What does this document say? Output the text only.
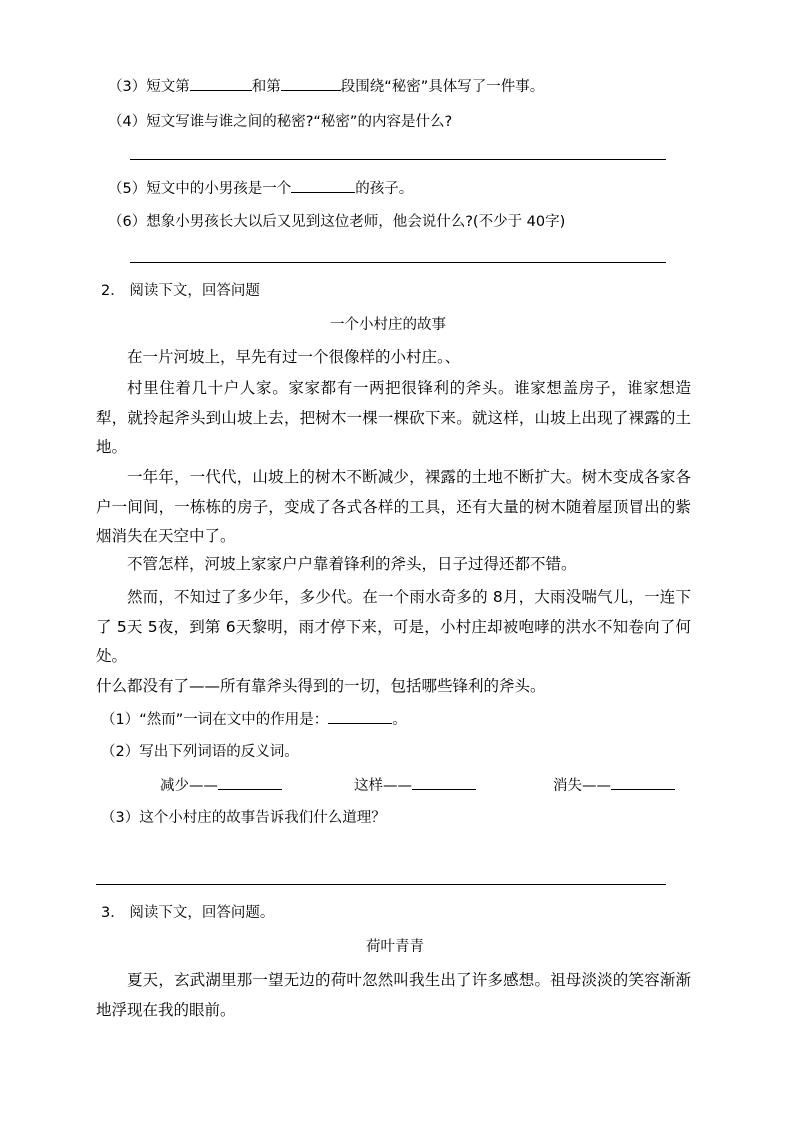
（3）短文第	和第	段围绕“秘密”具体写了一件事。
（4）短文写谁与谁之间的秘密?“秘密”的内容是什么?
（5）短文中的小男孩是一个	的孩子。
（6）想象小男孩长大以后又见到这位老师，他会说什么?(不少于 40字)
2． 阅读下文，回答问题
一个小村庄的故事
在一片河坡上，早先有过一个很像样的小村庄。、
村里住着几十户人家。家家都有一两把很锋利的斧头。谁家想盖房子，谁家想造犁，就拎起斧头到山坡上去，把树木一棵一棵砍下来。就这样，山坡上出现了裸露的土地。
一年年，一代代，山坡上的树木不断减少，裸露的土地不断扩大。树木变成各家各户一间间，一栋栋的房子，变成了各式各样的工具，还有大量的树木随着屋顶冒出的紫烟消失在天空中了。
不管怎样，河坡上家家户户靠着锋利的斧头，日子过得还都不错。
然而，不知过了多少年，多少代。在一个雨水奇多的 8月，大雨没喘气儿，一连下了 5天 5夜，到第 6天黎明，雨才停下来，可是，小村庄却被咆哮的洪水不知卷向了何处。
什么都没有了——所有靠斧头得到的一切，包括哪些锋利的斧头。
（1）“然而”一词在文中的作用是：	。
（2）写出下列词语的反义词。
减少——	这样——	消失——
（3）这个小村庄的故事告诉我们什么道理？
3． 阅读下文，回答问题。
荷叶青青
夏天，玄武湖里那一望无边的荷叶忽然叫我生出了许多感想。祖母淡淡的笑容渐渐地浮现在我的眼前。
